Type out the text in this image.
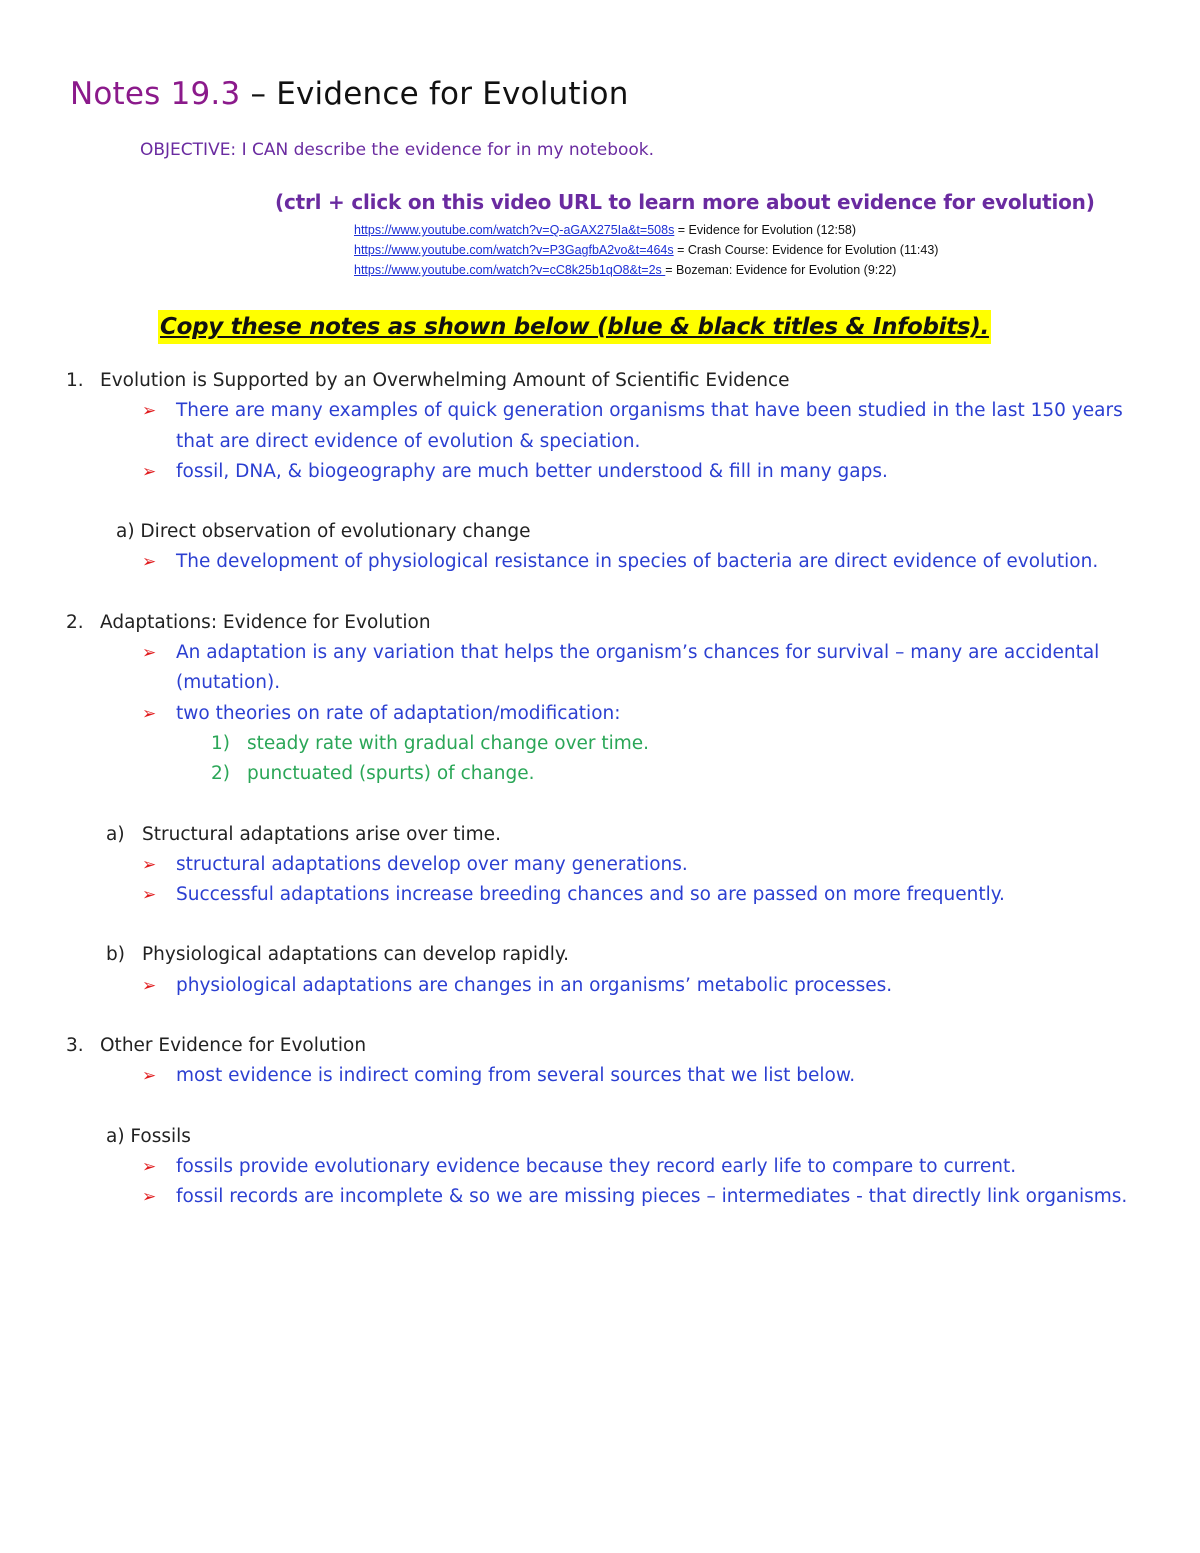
Notes 19.3 – Evidence for Evolution

OBJECTIVE: I CAN describe the evidence for in my notebook.

(ctrl + click on this video URL to learn more about evidence for evolution)

https://www.youtube.com/watch?v=Q-aGAX275Ia&t=508s = Evidence for Evolution (12:58)
https://www.youtube.com/watch?v=P3GagfbA2vo&t=464s = Crash Course: Evidence for Evolution (11:43)
https://www.youtube.com/watch?v=cC8k25b1qO8&t=2s = Bozeman: Evidence for Evolution (9:22)
Copy these notes as shown below (blue & black titles & Infobits).

1. Evolution is Supported by an Overwhelming Amount of Scientific Evidence

➢ There are many examples of quick generation organisms that have been studied in the last 150 years that are direct evidence of evolution & speciation.

➢ fossil, DNA, & biogeography are much better understood & fill in many gaps.

a) Direct observation of evolutionary change

➢ The development of physiological resistance in species of bacteria are direct evidence of evolution.

2. Adaptations: Evidence for Evolution

➢ An adaptation is any variation that helps the organism’s chances for survival – many are accidental (mutation).

➢ two theories on rate of adaptation/modification:

1) steady rate with gradual change over time.

2) punctuated (spurts) of change.

a) Structural adaptations arise over time.

➢ structural adaptations develop over many generations.

➢ Successful adaptations increase breeding chances and so are passed on more frequently.

b) Physiological adaptations can develop rapidly.

➢ physiological adaptations are changes in an organisms’ metabolic processes.

3. Other Evidence for Evolution

➢ most evidence is indirect coming from several sources that we list below.

a) Fossils

➢ fossils provide evolutionary evidence because they record early life to compare to current.

➢ fossil records are incomplete & so we are missing pieces – intermediates - that directly link organisms.
